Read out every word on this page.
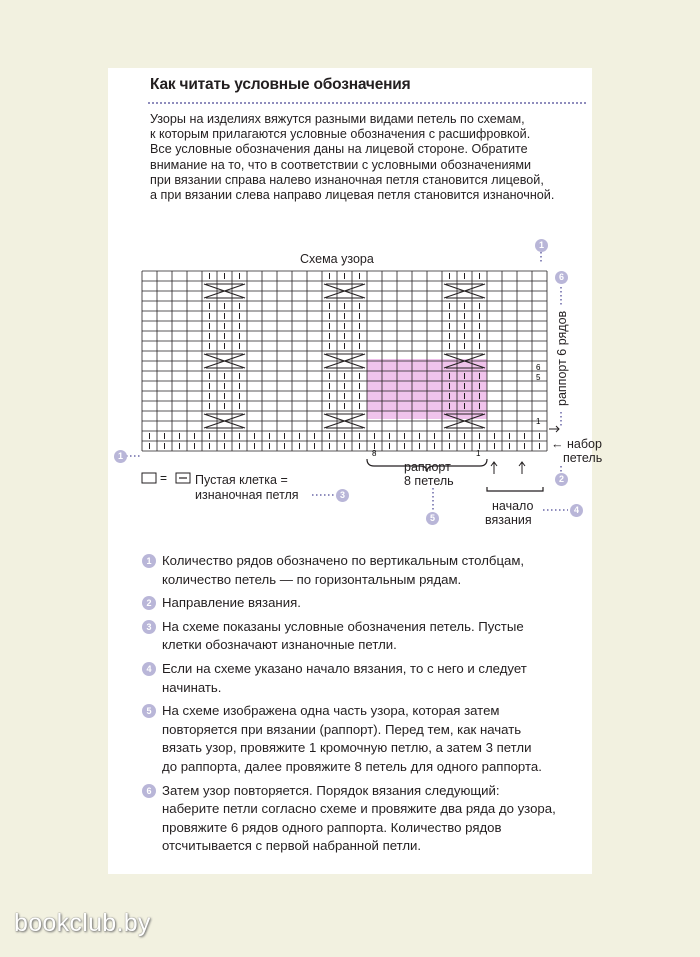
Как читать условные обозначения
Узоры на изделиях вяжутся разными видами петель по схемам,
к которым прилагаются условные обозначения с расшифровкой.
Все условные обозначения даны на лицевой стороне. Обратите
внимание на то, что в соответствии с условными обозначениями
при вязании справа налево изнаночная петля становится лицевой,
а при вязании слева направо лицевая петля становится изнаночной.
Схема узора
6
5
1
8	1
=
← набор
петель
раппорт 6 рядов
раппорт
8 петель
начало
вязания
Пустая клетка =
изнаночная петля
1
1
6
2
3
4
5
1 Количество рядов обозначено по вертикальным столбцам,
количество петель — по горизонтальным рядам.
2 Направление вязания.
3 На схеме показаны условные обозначения петель. Пустые
клетки обозначают изнаночные петли.
4 Если на схеме указано начало вязания, то с него и следует
начинать.
5 На схеме изображена одна часть узора, которая затем
повторяется при вязании (раппорт). Перед тем, как начать
вязать узор, провяжите 1 кромочную петлю, а затем 3 петли
до раппорта, далее провяжите 8 петель для одного раппорта.
6 Затем узор повторяется. Порядок вязания следующий:
наберите петли согласно схеме и провяжите два ряда до узора,
провяжите 6 рядов одного раппорта. Количество рядов
отсчитывается с первой набранной петли.
bookclub.by
